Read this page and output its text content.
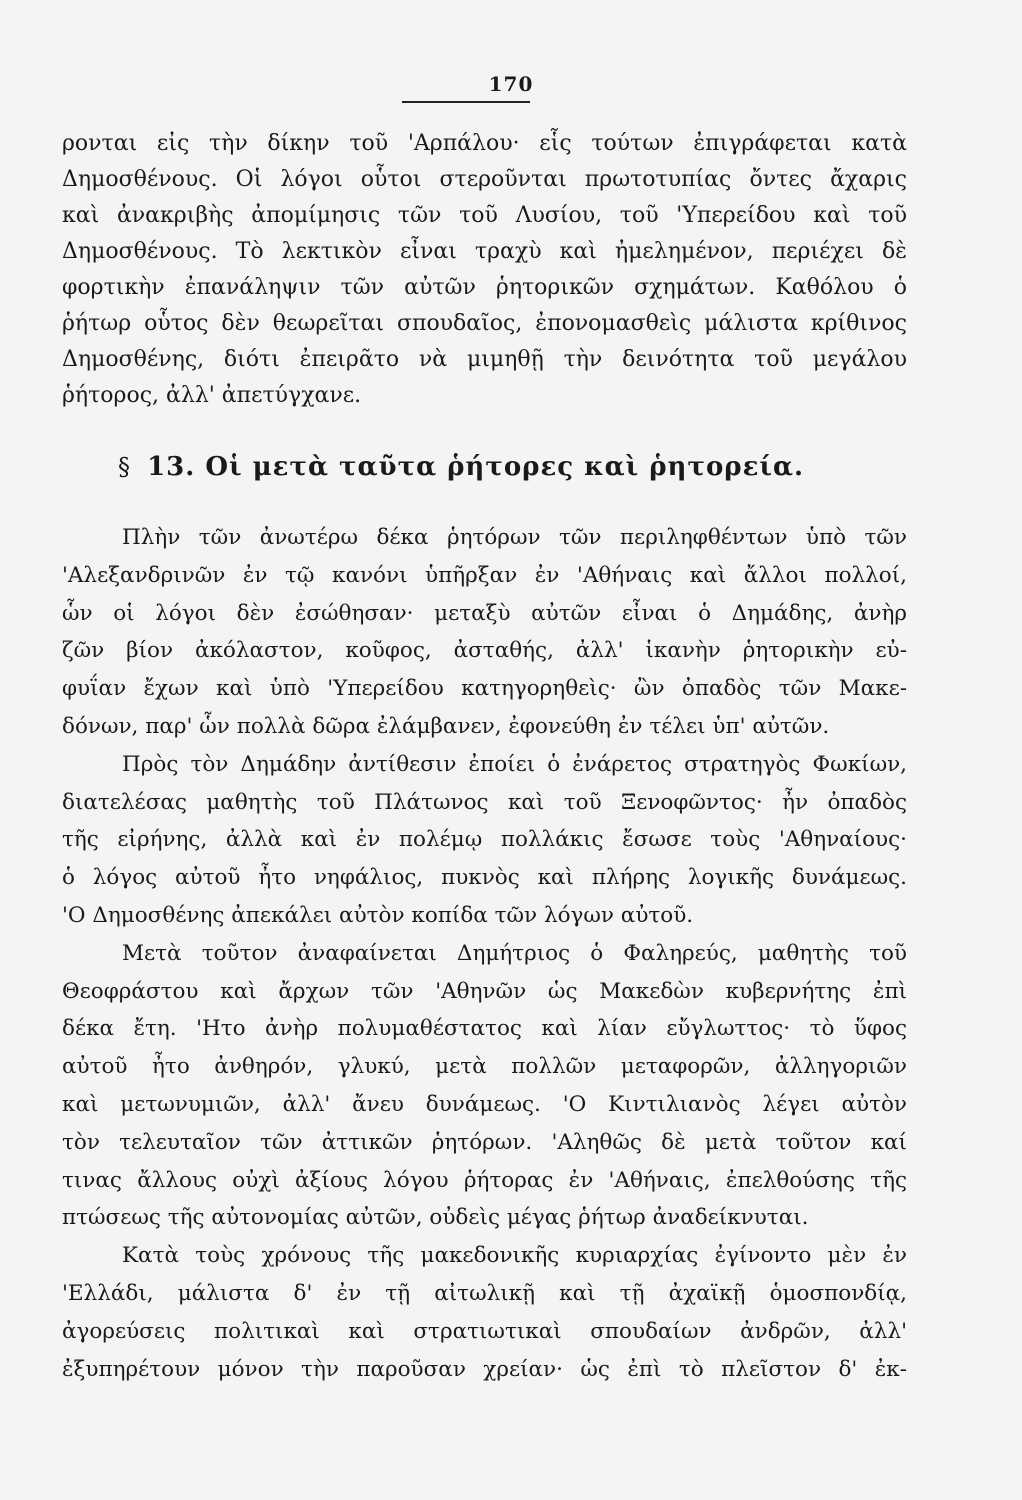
170
ρονται εἰς τὴν δίκην τοῦ 'Αρπάλου· εἷς τούτων ἐπιγράφεται κατὰ
Δημοσθένους. Οἱ λόγοι οὗτοι στεροῦνται πρωτοτυπίας ὄντες ἄχαρις
καὶ ἀνακριβὴς ἀπομίμησις τῶν τοῦ Λυσίου, τοῦ 'Υπερείδου καὶ τοῦ
Δημοσθένους. Τὸ λεκτικὸν εἶναι τραχὺ καὶ ἠμελημένον, περιέχει δὲ
φορτικὴν ἐπανάληψιν τῶν αὐτῶν ῥητορικῶν σχημάτων. Καθόλου ὁ
ῥήτωρ οὗτος δὲν θεωρεῖται σπουδαῖος, ἐπονομασθεὶς μάλιστα κρίθινος
Δημοσθένης, διότι ἐπειρᾶτο νὰ μιμηθῇ τὴν δεινότητα τοῦ μεγάλου
ῥήτορος, ἀλλ' ἀπετύγχανε.
§ 13. Οἱ μετὰ ταῦτα ῥήτορες καὶ ῥητορεία.
Πλὴν τῶν ἀνωτέρω δέκα ῥητόρων τῶν περιληφθέντων ὑπὸ τῶν
'Αλεξανδρινῶν ἐν τῷ κανόνι ὑπῆρξαν ἐν 'Αθήναις καὶ ἄλλοι πολλοί,
ὧν οἱ λόγοι δὲν ἐσώθησαν· μεταξὺ αὐτῶν εἶναι ὁ Δημάδης, ἀνὴρ
ζῶν βίον ἀκόλαστον, κοῦφος, ἀσταθής, ἀλλ' ἱκανὴν ῥητορικὴν εὐ-
φυΐαν ἔχων καὶ ὑπὸ 'Υπερείδου κατηγορηθεὶς· ὢν ὀπαδὸς τῶν Μακε-
δόνων, παρ' ὧν πολλὰ δῶρα ἐλάμβανεν, ἐφονεύθη ἐν τέλει ὑπ' αὐτῶν.
Πρὸς τὸν Δημάδην ἀντίθεσιν ἐποίει ὁ ἐνάρετος στρατηγὸς Φωκίων,
διατελέσας μαθητὴς τοῦ Πλάτωνος καὶ τοῦ Ξενοφῶντος· ἦν ὀπαδὸς
τῆς εἰρήνης, ἀλλὰ καὶ ἐν πολέμῳ πολλάκις ἔσωσε τοὺς 'Αθηναίους·
ὁ λόγος αὐτοῦ ἦτο νηφάλιος, πυκνὸς καὶ πλήρης λογικῆς δυνάμεως.
'Ο Δημοσθένης ἀπεκάλει αὐτὸν κοπίδα τῶν λόγων αὐτοῦ.
Μετὰ τοῦτον ἀναφαίνεται Δημήτριος ὁ Φαληρεύς, μαθητὴς τοῦ
Θεοφράστου καὶ ἄρχων τῶν 'Αθηνῶν ὡς Μακεδὼν κυβερνήτης ἐπὶ
δέκα ἔτη. 'Ητο ἀνὴρ πολυμαθέστατος καὶ λίαν εὔγλωττος· τὸ ὕφος
αὐτοῦ ἦτο ἀνθηρόν, γλυκύ, μετὰ πολλῶν μεταφορῶν, ἀλληγοριῶν
καὶ μετωνυμιῶν, ἀλλ' ἄνευ δυνάμεως. 'Ο Κιντιλιανὸς λέγει αὐτὸν
τὸν τελευταῖον τῶν ἀττικῶν ῥητόρων. 'Αληθῶς δὲ μετὰ τοῦτον καί
τινας ἄλλους οὐχὶ ἀξίους λόγου ῥήτορας ἐν 'Αθήναις, ἐπελθούσης τῆς
πτώσεως τῆς αὐτονομίας αὐτῶν, οὐδεὶς μέγας ῥήτωρ ἀναδείκνυται.
Κατὰ τοὺς χρόνους τῆς μακεδονικῆς κυριαρχίας ἐγίνοντο μὲν ἐν
'Ελλάδι, μάλιστα δ' ἐν τῇ αἰτωλικῇ καὶ τῇ ἀχαϊκῇ ὁμοσπονδίᾳ,
ἀγορεύσεις πολιτικαὶ καὶ στρατιωτικαὶ σπουδαίων ἀνδρῶν, ἀλλ'
ἐξυπηρέτουν μόνον τὴν παροῦσαν χρείαν· ὡς ἐπὶ τὸ πλεῖστον δ' ἐκ-
